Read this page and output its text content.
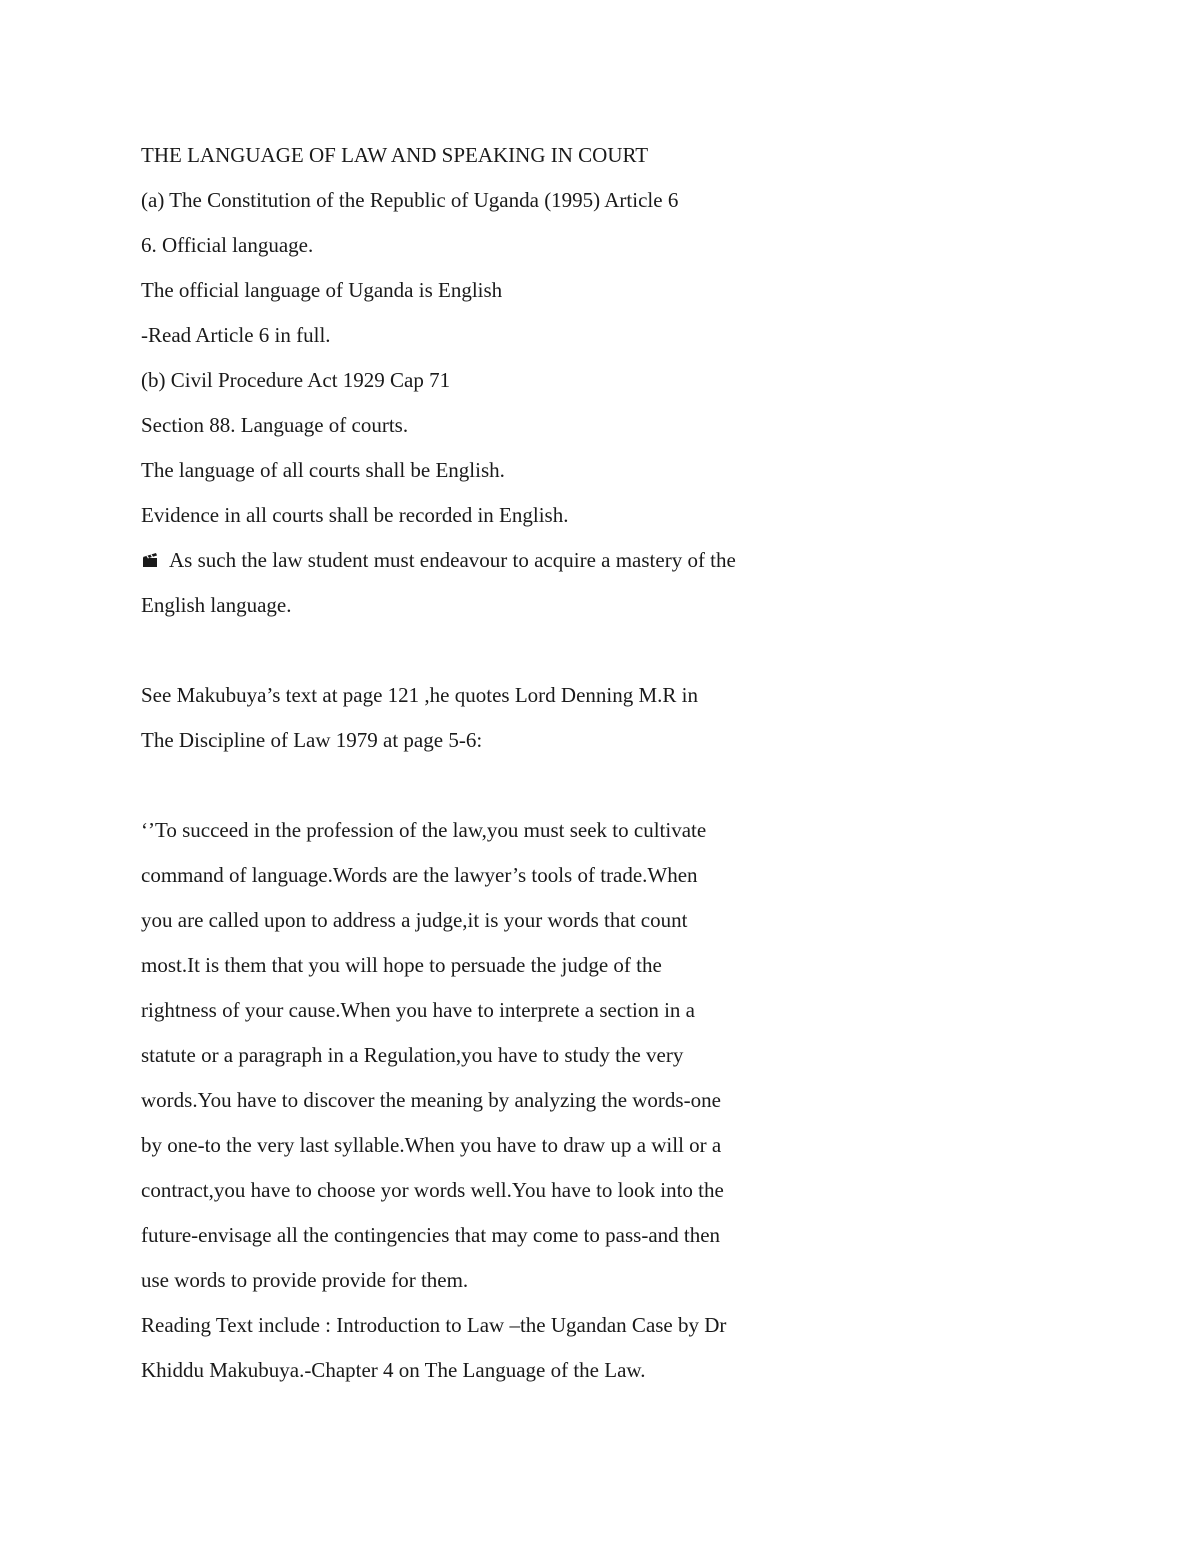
THE LANGUAGE OF LAW AND SPEAKING IN COURT
(a) The Constitution of the Republic of Uganda (1995) Article 6
6. Official language.
The official language of Uganda is English
-Read Article 6 in full.
(b) Civil Procedure Act 1929 Cap 71
Section 88. Language of courts.
The language of all courts shall be English.
Evidence in all courts shall be recorded in English.
As such the law student must endeavour to acquire a mastery of the
English language.
See Makubuya’s text at page 121 ,he quotes Lord Denning M.R in
The Discipline of Law 1979 at page 5-6:
‘’To succeed in the profession of the law,you must seek to cultivate
command of language.Words are the lawyer’s tools of trade.When
you are called upon to address a judge,it is your words that count
most.It is them that you will hope to persuade the judge of the
rightness of your cause.When you have to interprete a section in a
statute or a paragraph in a Regulation,you have to study the very
words.You have to discover the meaning by analyzing the words-one
by one-to the very last syllable.When you have to draw up a will or a
contract,you have to choose yor words well.You have to look into the
future-envisage all the contingencies that may come to pass-and then
use words to provide provide for them.
Reading Text include : Introduction to Law –the Ugandan Case by Dr
Khiddu Makubuya.-Chapter 4 on The Language of the Law.
